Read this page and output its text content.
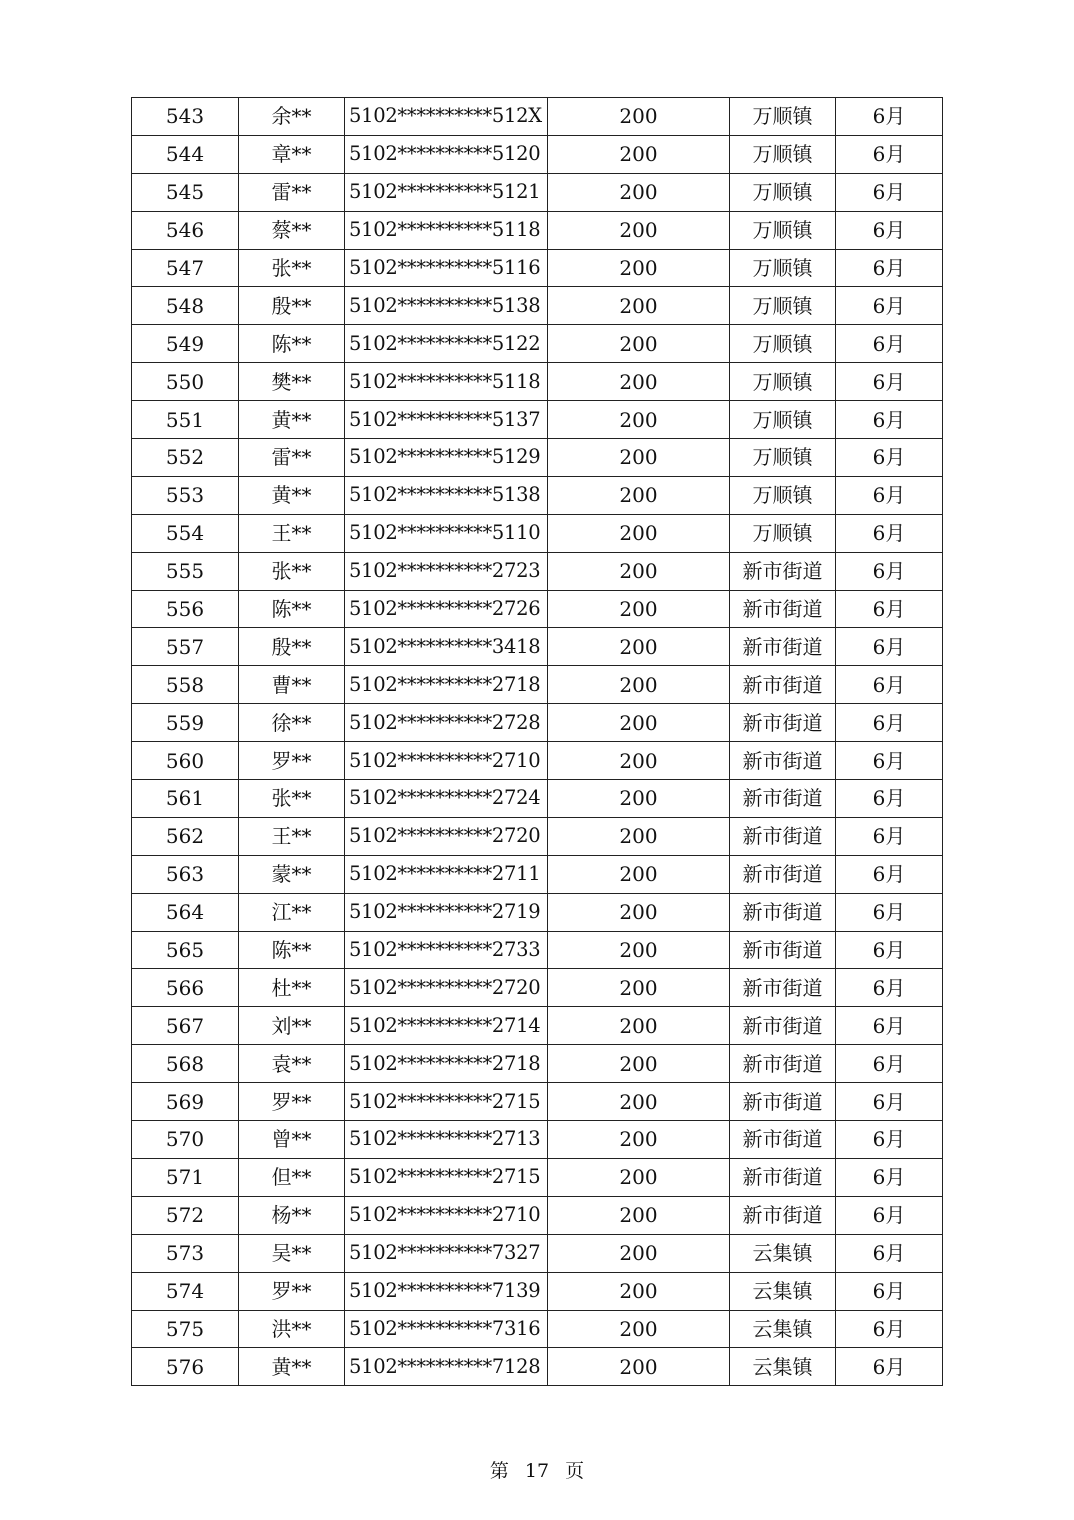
543	余**	5102**********512X	200	万顺镇	6月
544	章**	5102**********5120	200	万顺镇	6月
545	雷**	5102**********5121	200	万顺镇	6月
546	蔡**	5102**********5118	200	万顺镇	6月
547	张**	5102**********5116	200	万顺镇	6月
548	殷**	5102**********5138	200	万顺镇	6月
549	陈**	5102**********5122	200	万顺镇	6月
550	樊**	5102**********5118	200	万顺镇	6月
551	黄**	5102**********5137	200	万顺镇	6月
552	雷**	5102**********5129	200	万顺镇	6月
553	黄**	5102**********5138	200	万顺镇	6月
554	王**	5102**********5110	200	万顺镇	6月
555	张**	5102**********2723	200	新市街道	6月
556	陈**	5102**********2726	200	新市街道	6月
557	殷**	5102**********3418	200	新市街道	6月
558	曹**	5102**********2718	200	新市街道	6月
559	徐**	5102**********2728	200	新市街道	6月
560	罗**	5102**********2710	200	新市街道	6月
561	张**	5102**********2724	200	新市街道	6月
562	王**	5102**********2720	200	新市街道	6月
563	蒙**	5102**********2711	200	新市街道	6月
564	江**	5102**********2719	200	新市街道	6月
565	陈**	5102**********2733	200	新市街道	6月
566	杜**	5102**********2720	200	新市街道	6月
567	刘**	5102**********2714	200	新市街道	6月
568	袁**	5102**********2718	200	新市街道	6月
569	罗**	5102**********2715	200	新市街道	6月
570	曾**	5102**********2713	200	新市街道	6月
571	但**	5102**********2715	200	新市街道	6月
572	杨**	5102**********2710	200	新市街道	6月
573	吴**	5102**********7327	200	云集镇	6月
574	罗**	5102**********7139	200	云集镇	6月
575	洪**	5102**********7316	200	云集镇	6月
576	黄**	5102**********7128	200	云集镇	6月
第 17 页
